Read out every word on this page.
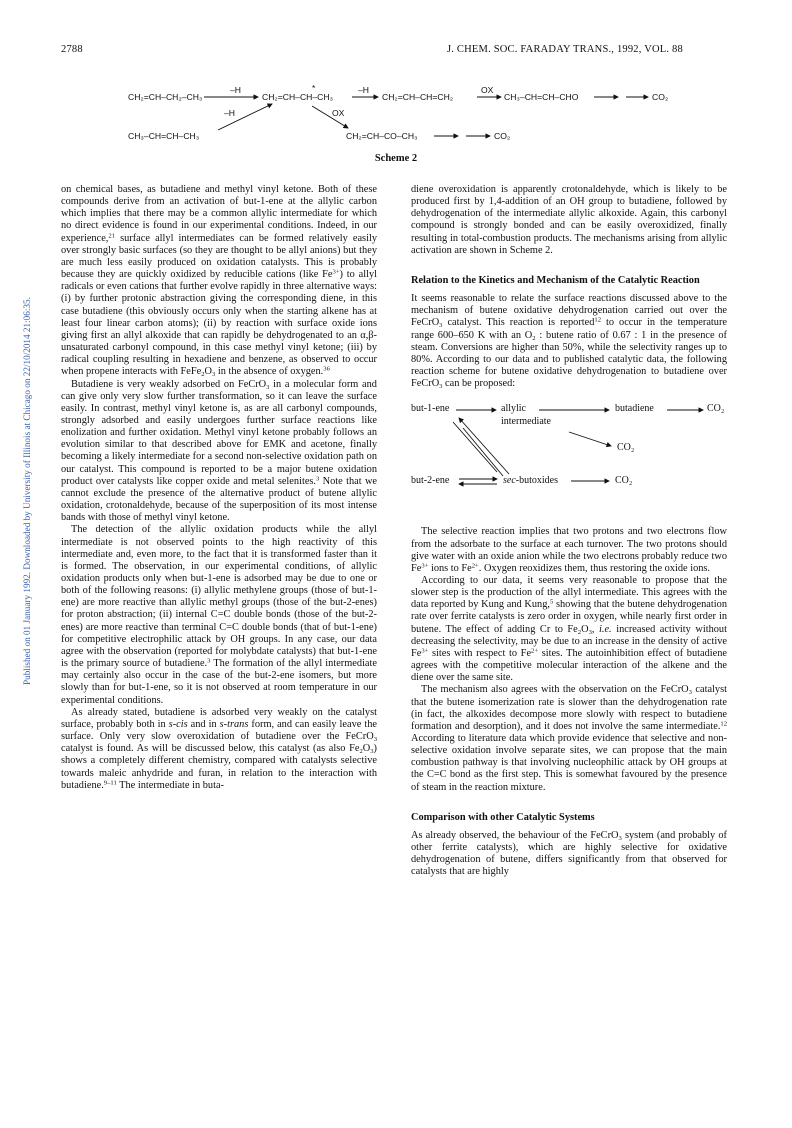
2788	J. CHEM. SOC. FARADAY TRANS., 1992, VOL. 88
Published on 01 January 1992. Downloaded by University of Illinois at Chicago on 22/10/2014 21:06:35.
CH₂=CH–CH₂–CH₃
–H	*
CH₂=CH–CH–CH₃
–H
CH₂=CH–CH=CH₂
OX
CH₃–CH=CH–CHO	CO₂
–H	OX
CH₃–CH=CH–CH₃	CH₂=CH–CO–CH₃	CO₂
Scheme 2

on chemical bases, as butadiene and methyl vinyl ketone. Both of these compounds derive from an activation of but-1-ene at the allylic carbon which implies that there may be a common allylic intermediate for which no direct evidence is found in our experimental conditions. Indeed, in our experience,$^{21}$ surface allyl intermediates can be formed relatively easily over strongly basic surfaces (so they are thought to be allyl anions) but they are much less easily produced on oxidation catalysts. This is probably because they are quickly oxidized by reducible cations (like $Fe^{3+}$) to allyl radicals or even cations that further evolve rapidly in three alternative ways: (i) by further protonic abstraction giving the corresponding diene, in this case butadiene (this obviously occurs only when the starting alkene has at least four linear carbon atoms); (ii) by reaction with surface oxide ions giving first an allyl alkoxide that can rapidly be dehydrogenated to an α,β-unsaturated carbonyl compound, in this case methyl vinyl ketone; (iii) by radical coupling resulting in hexadiene and benzene, as observed to occur when propene interacts with $FeFe_2O_3$ in the absence of oxygen.$^{36}$

Butadiene is very weakly adsorbed on FeCrO$_3$ in a molecular form and can give only very slow further transformation, so it can leave the surface easily. In contrast, methyl vinyl ketone is, as are all carbonyl compounds, strongly adsorbed and easily undergoes further surface reactions like enolization and further oxidation. Methyl vinyl ketone probably follows an evolution similar to that described above for EMK and acetone, finally becoming a likely intermediate for a second non-selective oxidation path on our catalyst. This compound is reported to be a major butene oxidation product over catalysts like copper oxide and metal selenites.$^3$ Note that we cannot exclude the presence of the alternative product of butene allylic oxidation, crotonaldehyde, because of the superposition of its most intense bands with those of methyl vinyl ketone.

The detection of the allylic oxidation products while the allyl intermediate is not observed points to the high reactivity of this intermediate and, even more, to the fact that it is transformed faster than it is formed. The observation, in our experimental conditions, of allylic oxidation products only when but-1-ene is adsorbed may be due to one or both of the following reasons: (i) allylic methylene groups (those of but-1-ene) are more reactive than allylic methyl groups (those of the but-2-enes) for proton abstraction; (ii) internal C=C double bonds (those of the but-2-enes) are more reactive than terminal C=C double bonds (that of but-1-ene) for competitive electrophilic attack by OH groups. In any case, our data agree with the observation (reported for molybdate catalysts) that but-1-ene is the primary source of butadiene.$^3$ The formation of the allyl intermediate may certainly also occur in the case of the but-2-ene isomers, but more slowly than for but-1-ene, so it is not observed at room temperature in our experimental conditions.

As already stated, butadiene is adsorbed very weakly on the catalyst surface, probably both in s-cis and in s-trans form, and can easily leave the surface. Only very slow overoxidation of butadiene over the FeCrO$_3$ catalyst is found. As will be discussed below, this catalyst (as also $Fe_2O_3$) shows a completely different chemistry, compared with catalysts selective towards maleic anhydride and furan, in relation to the interaction with butadiene.$^{9-11}$ The intermediate in buta-

diene overoxidation is apparently crotonaldehyde, which is likely to be produced first by 1,4-addition of an OH group to butadiene, followed by dehydrogenation of the intermediate allylic alkoxide. Again, this carbonyl compound is strongly bonded and can be easily overoxidized, finally resulting in total-combustion products. The mechanisms arising from allylic activation are shown in Scheme 2.

Relation to the Kinetics and Mechanism of the Catalytic Reaction

It seems reasonable to relate the surface reactions discussed above to the mechanism of butene oxidative dehydrogenation carried out over the FeCrO$_3$ catalyst. This reaction is reported$^{12}$ to occur in the temperature range 600–650 K with an $O_2$ : butene ratio of 0.67 : 1 in the presence of steam. Conversions are higher than 50%, while the selectivity ranges up to 80%. According to our data and to published catalytic data, the following reaction scheme for butene oxidative dehydrogenation to butadiene over FeCrO$_3$ can be proposed:

but-1-ene	allylic
intermediate
butadiene	CO₂
CO₂
but-2-ene	sec-butoxides	CO₂

The selective reaction implies that two protons and two electrons flow from the adsorbate to the surface at each turnover. The two protons should give water with an oxide anion while the two electrons probably reduce two $Fe^{3+}$ ions to $Fe^{2+}$. Oxygen reoxidizes them, thus restoring the oxide ions.

According to our data, it seems very reasonable to propose that the slower step is the production of the allyl intermediate. This agrees with the data reported by Kung and Kung,$^5$ showing that the butene dehydrogenation rate over ferrite catalysts is zero order in oxygen, while nearly first order in butene. The effect of adding Cr to $Fe_2O_3$, i.e. increased activity without decreasing the selectivity, may be due to an increase in the density of active $Fe^{3+}$ sites with respect to $Fe^{2+}$ sites. The autoinhibition effect of butadiene agrees with the competitive molecular interaction of the alkene and the diene over the same site.

The mechanism also agrees with the observation on the FeCrO$_3$ catalyst that the butene isomerization rate is slower than the dehydrogenation rate (in fact, the alkoxides decompose more slowly with respect to butadiene formation and desorption), and it does not involve the same intermediate.$^{12}$ According to literature data which provide evidence that selective and non-selective oxidation involve separate sites, we can propose that the main combustion pathway is that involving nucleophilic attack by OH groups at the C=C bond as the first step. This is somewhat favoured by the presence of steam in the reaction mixture.

Comparison with other Catalytic Systems

As already observed, the behaviour of the FeCrO$_3$ system (and probably of other ferrite catalysts), which are highly selective for oxidative dehydrogenation of butene, differs significantly from that observed for catalysts that are highly
